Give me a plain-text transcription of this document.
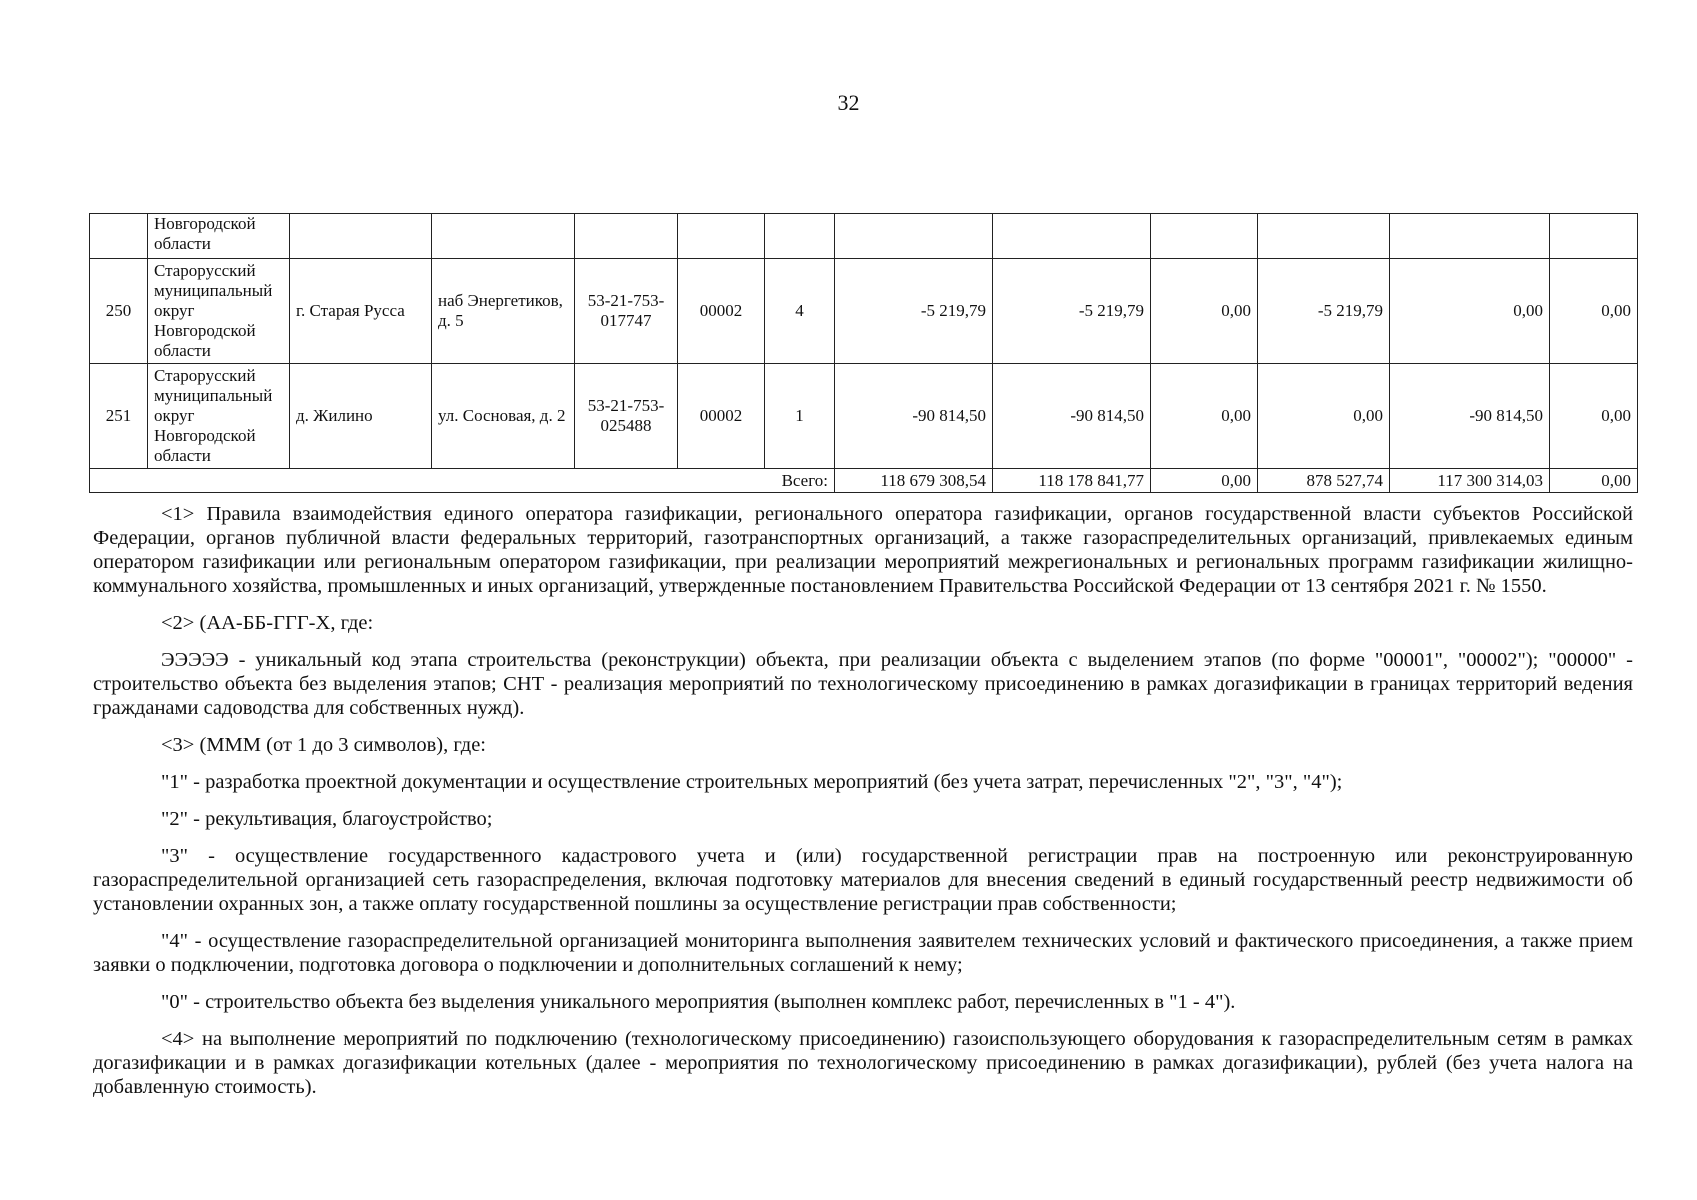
32
	Новгородской области											
250	Старорусский муниципальный округ Новгородской области	г. Старая Русса	наб Энергетиков, д. 5	53-21-753-017747	00002	4	-5 219,79	-5 219,79	0,00	-5 219,79	0,00	0,00
251	Старорусский муниципальный округ Новгородской области	д. Жилино	ул. Сосновая, д. 2	53-21-753-025488	00002	1	-90 814,50	-90 814,50	0,00	0,00	-90 814,50	0,00
Всего:							118 679 308,54	118 178 841,77	0,00	878 527,74	117 300 314,03	0,00

<1> Правила взаимодействия единого оператора газификации, регионального оператора газификации, органов государственной власти субъектов Российской Федерации, органов публичной власти федеральных территорий, газотранспортных организаций, а также газораспределительных организаций, привлекаемых единым оператором газификации или региональным оператором газификации, при реализации мероприятий межрегиональных и региональных программ газификации жилищно-коммунального хозяйства, промышленных и иных организаций, утвержденные постановлением Правительства Российской Федерации от 13 сентября 2021 г. № 1550.

<2> (АА-ББ-ГГГ-Х, где:

ЭЭЭЭЭ - уникальный код этапа строительства (реконструкции) объекта, при реализации объекта с выделением этапов (по форме "00001", "00002"); "00000" - строительство объекта без выделения этапов; СНТ - реализация мероприятий по технологическому присоединению в рамках догазификации в границах территорий ведения гражданами садоводства для собственных нужд).

<3> (МММ (от 1 до 3 символов), где:

"1" - разработка проектной документации и осуществление строительных мероприятий (без учета затрат, перечисленных "2", "3", "4");

"2" - рекультивация, благоустройство;

"3" - осуществление государственного кадастрового учета и (или) государственной регистрации прав на построенную или реконструированную газораспределительной организацией сеть газораспределения, включая подготовку материалов для внесения сведений в единый государственный реестр недвижимости об установлении охранных зон, а также оплату государственной пошлины за осуществление регистрации прав собственности;

"4" - осуществление газораспределительной организацией мониторинга выполнения заявителем технических условий и фактического присоединения, а также прием заявки о подключении, подготовка договора о подключении и дополнительных соглашений к нему;

"0" - строительство объекта без выделения уникального мероприятия (выполнен комплекс работ, перечисленных в "1 - 4").

<4> на выполнение мероприятий по подключению (технологическому присоединению) газоиспользующего оборудования к газораспределительным сетям в рамках догазификации и в рамках догазификации котельных (далее - мероприятия по технологическому присоединению в рамках догазификации), рублей (без учета налога на добавленную стоимость).
